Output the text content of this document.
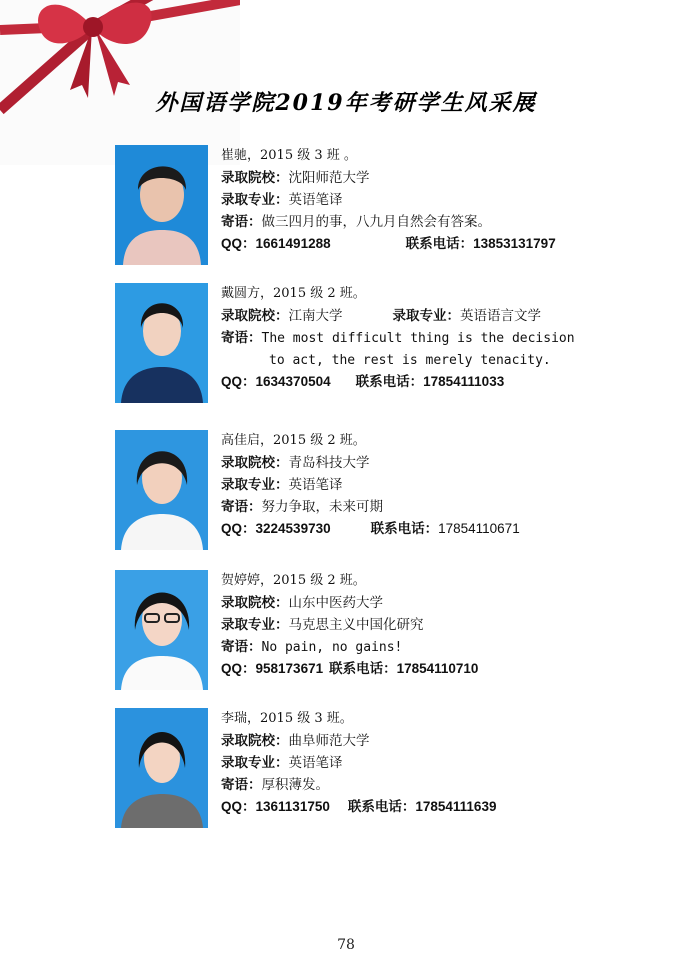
外国语学院2019年考研学生风采展
崔驰，2015 级 3 班 。
录取院校：沈阳师范大学
录取专业：英语笔译
寄语：做三四月的事，八九月自然会有答案。
QQ：1661491288	联系电话：13853131797
戴圆方，2015 级 2 班。
录取院校：江南大学	录取专业：英语语言文学
寄语：The most difficult thing is the decision
to act, the rest is merely tenacity.
QQ：1634370504 联系电话：17854111033
高佳启，2015 级 2 班。
录取院校：青岛科技大学
录取专业：英语笔译
寄语：努力争取，未来可期
QQ：3224539730	联系电话：17854110671
贺婷婷，2015 级 2 班。
录取院校：山东中医药大学
录取专业：马克思主义中国化研究
寄语：No pain, no gains!
QQ：958173671 联系电话：17854110710
李瑞，2015 级 3 班。
录取院校：曲阜师范大学
录取专业：英语笔译
寄语：厚积薄发。
QQ：1361131750 联系电话：17854111639
78
